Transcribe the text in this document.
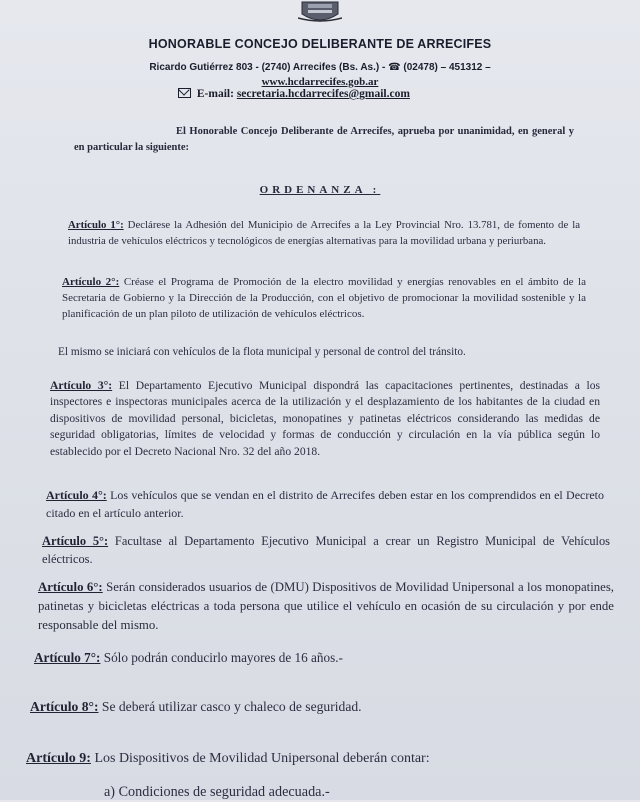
HONORABLE CONCEJO DELIBERANTE DE ARRECIFES
Ricardo Gutiérrez 803 - (2740) Arrecifes (Bs. As.) - ☎ (02478) – 451312 –
www.hcdarrecifes.gob.ar
E-mail: secretaria.hcdarrecifes@gmail.com
El Honorable Concejo Deliberante de Arrecifes, aprueba por unanimidad, en general y en particular la siguiente:
ORDENANZA :
Artículo 1°: Declárese la Adhesión del Municipio de Arrecifes a la Ley Provincial Nro. 13.781, de fomento de la industria de vehículos eléctricos y tecnológicos de energías alternativas para la movilidad urbana y periurbana.
Artículo 2°: Créase el Programa de Promoción de la electro movilidad y energías renovables en el ámbito de la Secretaria de Gobierno y la Dirección de la Producción, con el objetivo de promocionar la movilidad sostenible y la planificación de un plan piloto de utilización de vehículos eléctricos.
El mismo se iniciará con vehículos de la flota municipal y personal de control del tránsito.
Artículo 3°: El Departamento Ejecutivo Municipal dispondrá las capacitaciones pertinentes, destinadas a los inspectores e inspectoras municipales acerca de la utilización y el desplazamiento de los habitantes de la ciudad en dispositivos de movilidad personal, bicicletas, monopatines y patinetas eléctricos considerando las medidas de seguridad obligatorias, límites de velocidad y formas de conducción y circulación en la vía pública según lo establecido por el Decreto Nacional Nro. 32 del año 2018.
Artículo 4°: Los vehículos que se vendan en el distrito de Arrecifes deben estar en los comprendidos en el Decreto citado en el artículo anterior.
Artículo 5°: Facultase al Departamento Ejecutivo Municipal a crear un Registro Municipal de Vehículos eléctricos.
Artículo 6°: Serán considerados usuarios de (DMU) Dispositivos de Movilidad Unipersonal a los monopatines, patinetas y bicicletas eléctricas a toda persona que utilice el vehículo en ocasión de su circulación y por ende responsable del mismo.
Artículo 7°: Sólo podrán conducirlo mayores de 16 años.-
Artículo 8°: Se deberá utilizar casco y chaleco de seguridad.
Artículo 9: Los Dispositivos de Movilidad Unipersonal deberán contar:
a) Condiciones de seguridad adecuada.-
